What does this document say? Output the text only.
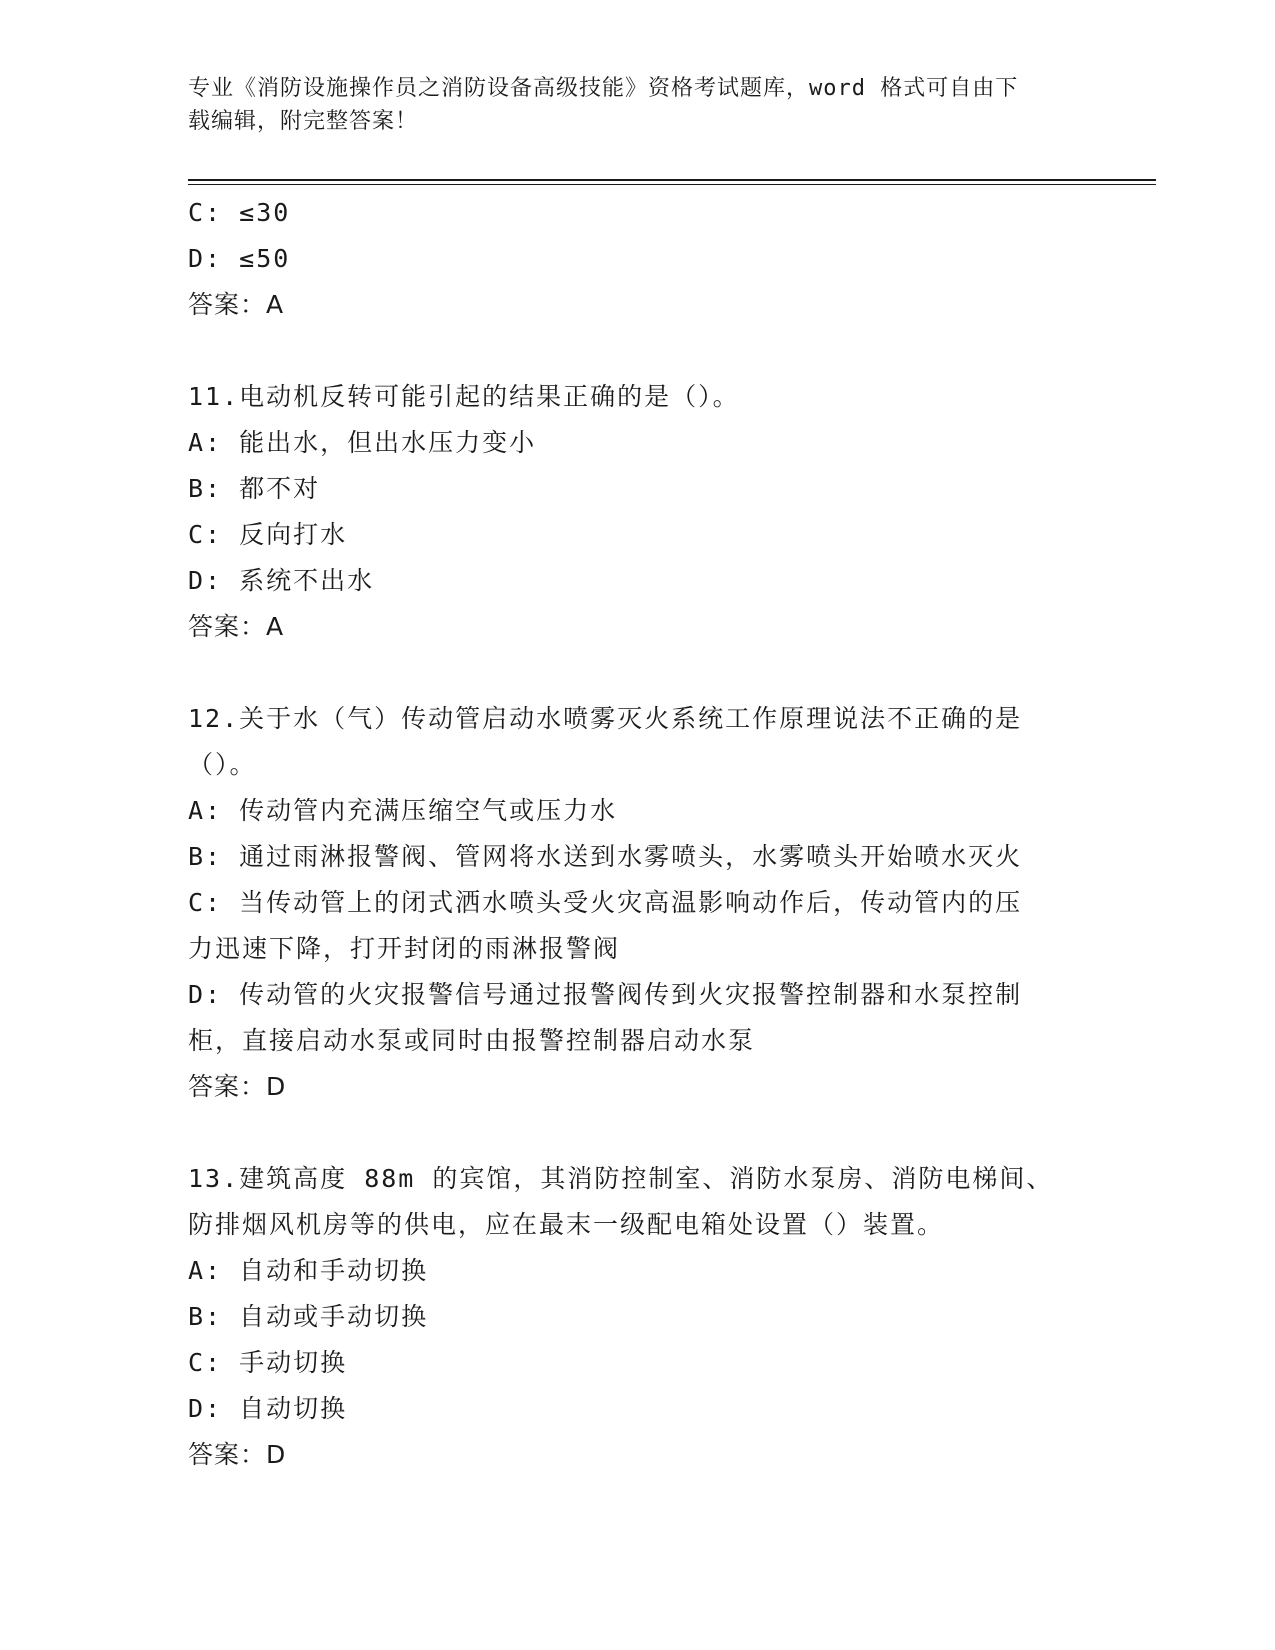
专业《消防设施操作员之消防设备高级技能》资格考试题库，word 格式可自由下
载编辑，附完整答案！
C: ≤30
D: ≤50
答案：A
11.电动机反转可能引起的结果正确的是（）。
A: 能出水，但出水压力变小
B: 都不对
C: 反向打水
D: 系统不出水
答案：A
12.关于水（气）传动管启动水喷雾灭火系统工作原理说法不正确的是
（）。
A: 传动管内充满压缩空气或压力水
B: 通过雨淋报警阀、管网将水送到水雾喷头，水雾喷头开始喷水灭火
C: 当传动管上的闭式洒水喷头受火灾高温影响动作后，传动管内的压
力迅速下降，打开封闭的雨淋报警阀
D: 传动管的火灾报警信号通过报警阀传到火灾报警控制器和水泵控制
柜，直接启动水泵或同时由报警控制器启动水泵
答案：D
13.建筑高度 88m 的宾馆，其消防控制室、消防水泵房、消防电梯间、
防排烟风机房等的供电，应在最末一级配电箱处设置（）装置。
A: 自动和手动切换
B: 自动或手动切换
C: 手动切换
D: 自动切换
答案：D
